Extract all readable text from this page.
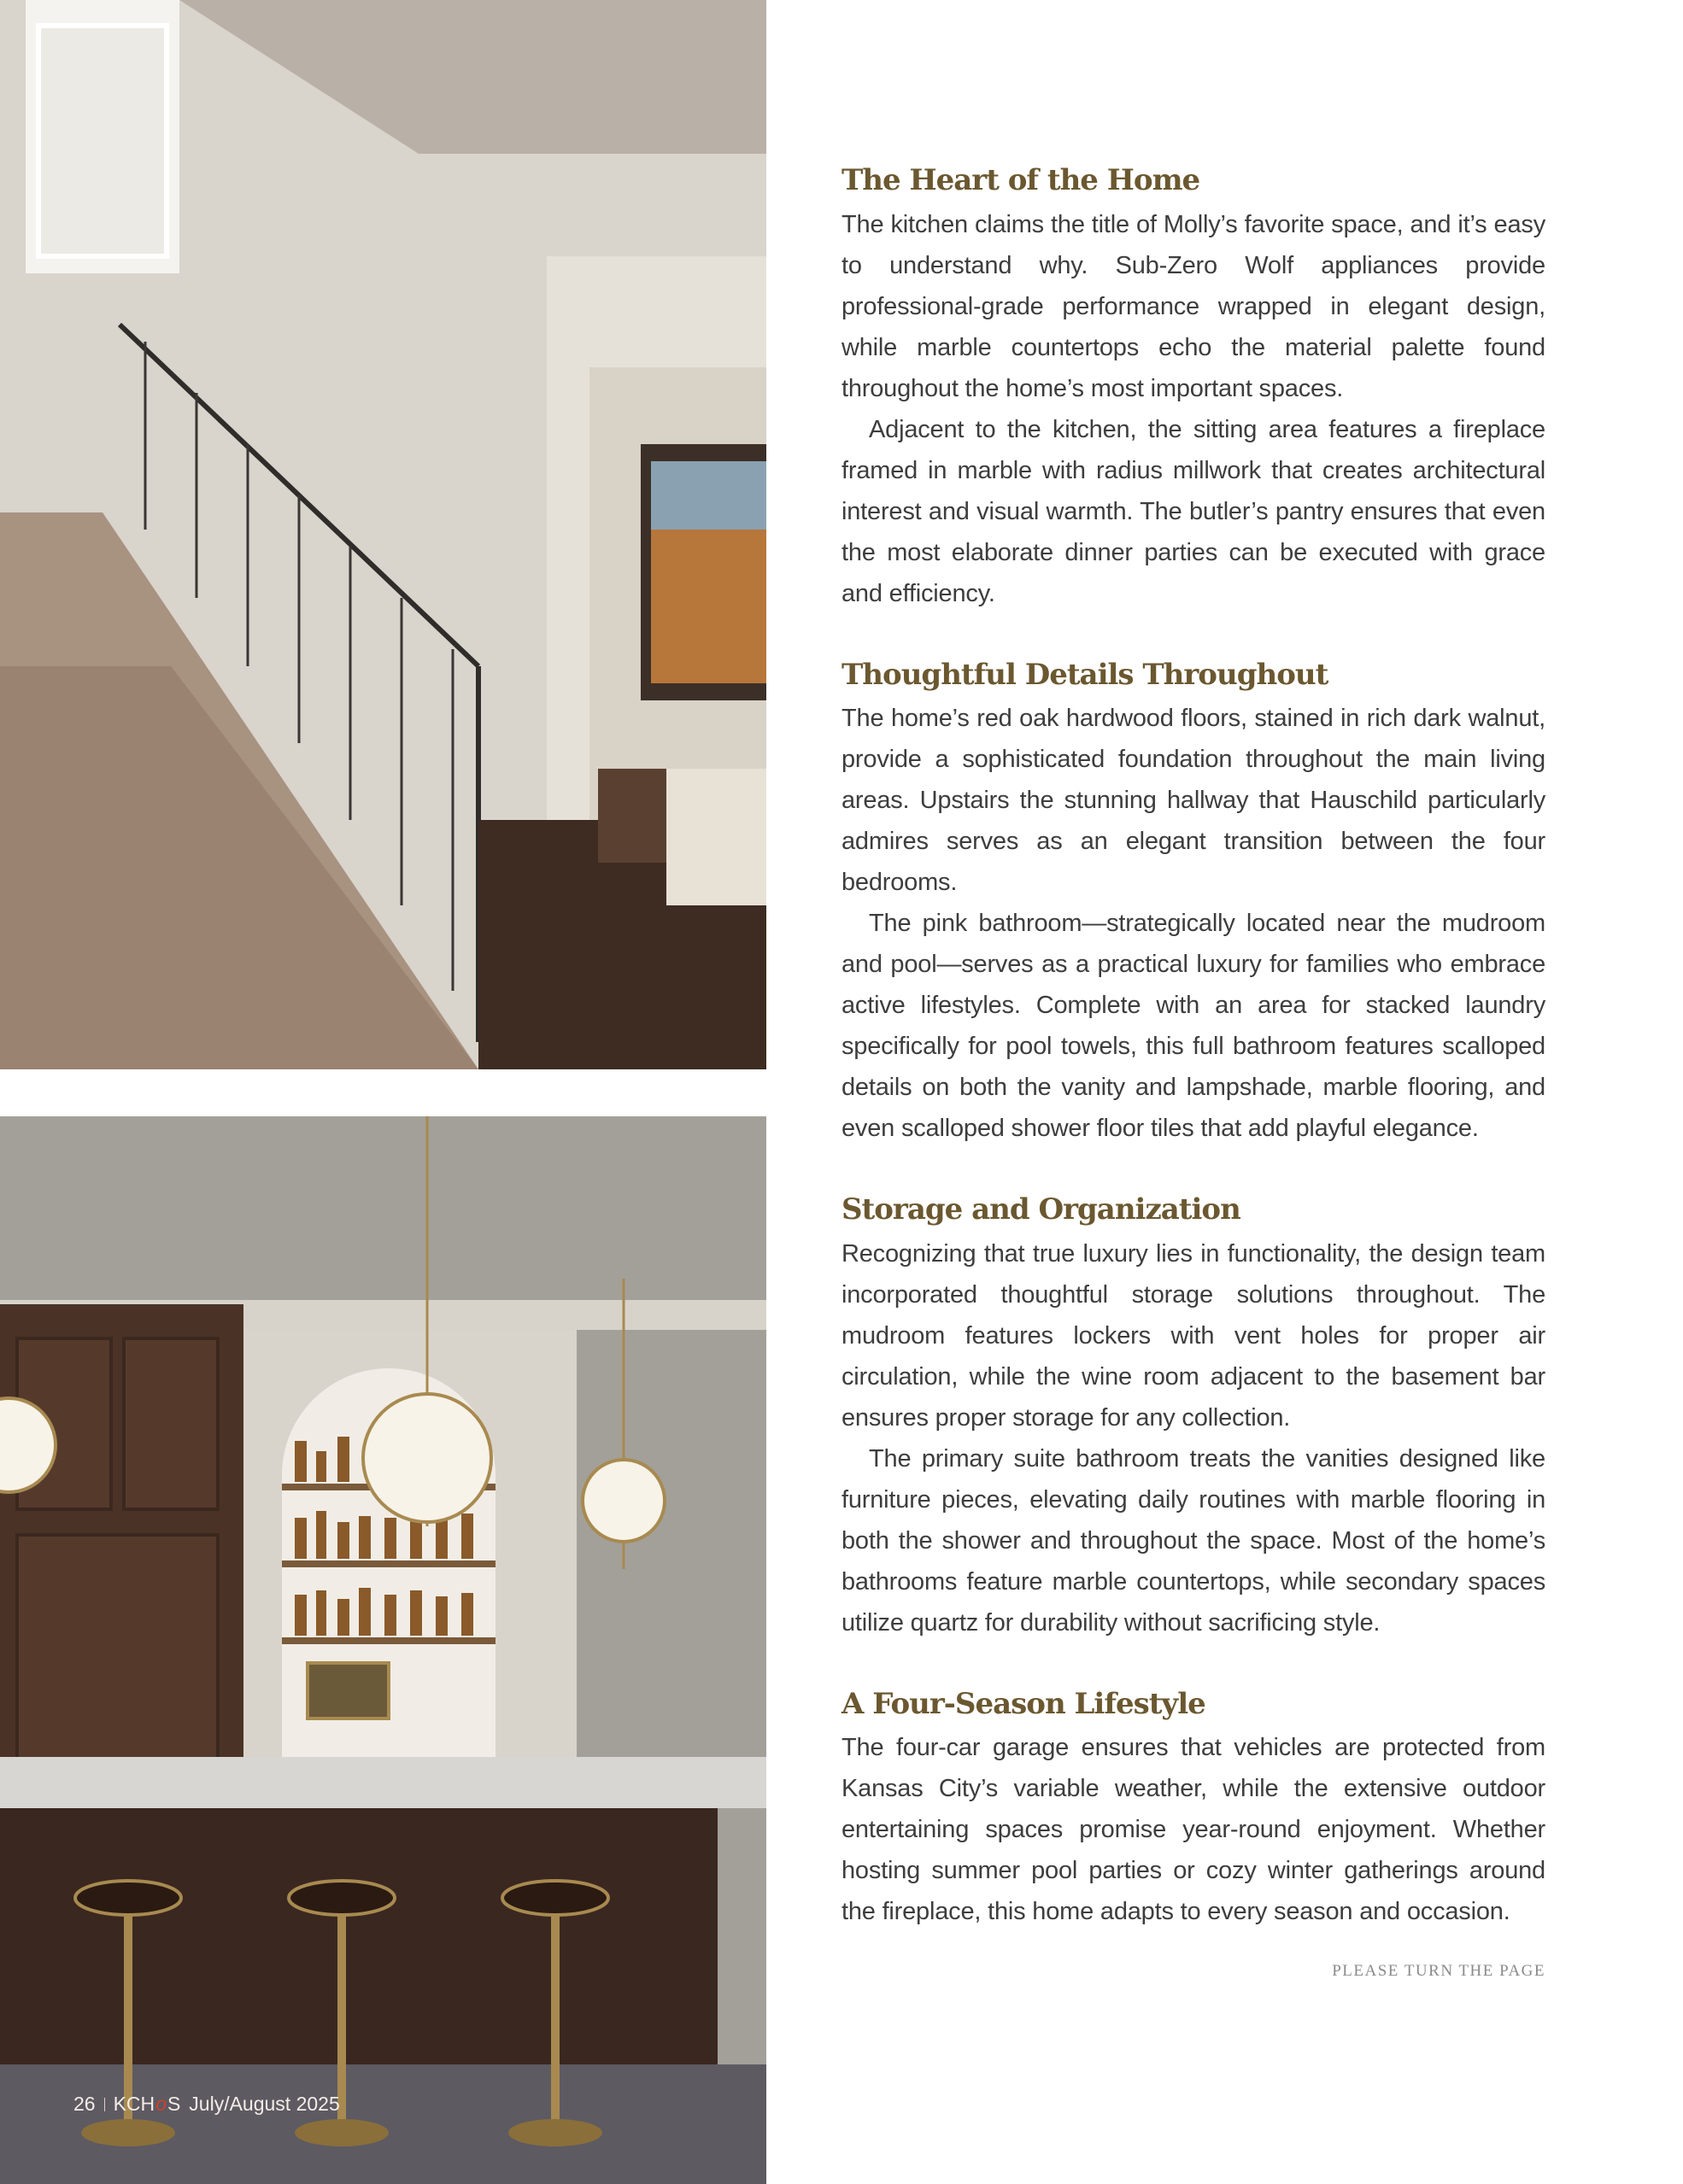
The Heart of the Home

The kitchen claims the title of Molly’s favorite space, and it’s easy to understand why. Sub-Zero Wolf appliances provide professional-grade performance wrapped in elegant design, while marble countertops echo the material palette found throughout the home’s most important spaces.

Adjacent to the kitchen, the sitting area features a fireplace framed in marble with radius millwork that creates architectural interest and visual warmth. The butler’s pantry ensures that even the most elaborate dinner parties can be executed with grace and efficiency.

Thoughtful Details Throughout

The home’s red oak hardwood floors, stained in rich dark walnut, provide a sophisticated foundation throughout the main living areas. Upstairs the stunning hallway that Hauschild particularly admires serves as an elegant transition between the four bedrooms.

The pink bathroom—strategically located near the mudroom and pool—serves as a practical luxury for families who embrace active lifestyles. Complete with an area for stacked laundry specifically for pool towels, this full bathroom features scalloped details on both the vanity and lampshade, marble flooring, and even scalloped shower floor tiles that add playful elegance.

Storage and Organization

Recognizing that true luxury lies in functionality, the design team incorporated thoughtful storage solutions throughout. The mudroom features lockers with vent holes for proper air circulation, while the wine room adjacent to the basement bar ensures proper storage for any collection.

The primary suite bathroom treats the vanities designed like furniture pieces, elevating daily routines with marble flooring in both the shower and throughout the space. Most of the home’s bathrooms feature marble countertops, while secondary spaces utilize quartz for durability without sacrificing style.

A Four-Season Lifestyle

The four-car garage ensures that vehicles are protected from Kansas City’s variable weather, while the extensive outdoor entertaining spaces promise year-round enjoyment. Whether hosting summer pool parties or cozy winter gatherings around the fireplace, this home adapts to every season and occasion.

PLEASE TURN THE PAGE
26 KCH o S July/August 2025
